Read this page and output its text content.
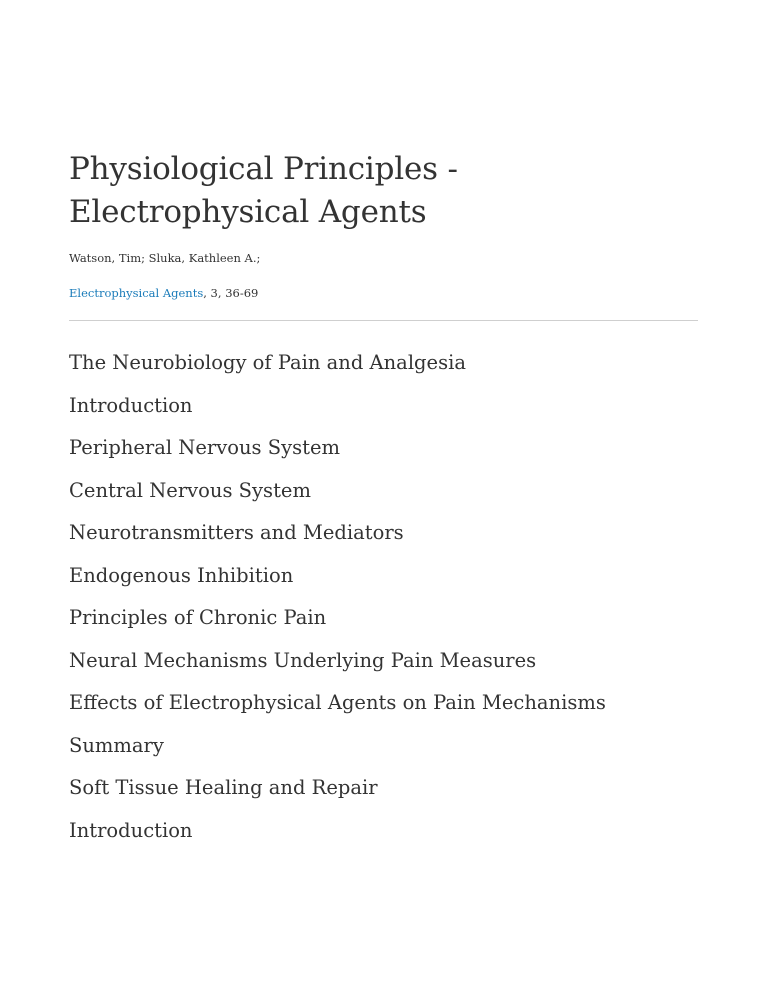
Physiological Principles - Electrophysical Agents
Watson, Tim; Sluka, Kathleen A.;
Electrophysical Agents, 3, 36-69
The Neurobiology of Pain and Analgesia
Introduction
Peripheral Nervous System
Central Nervous System
Neurotransmitters and Mediators
Endogenous Inhibition
Principles of Chronic Pain
Neural Mechanisms Underlying Pain Measures
Effects of Electrophysical Agents on Pain Mechanisms
Summary
Soft Tissue Healing and Repair
Introduction
